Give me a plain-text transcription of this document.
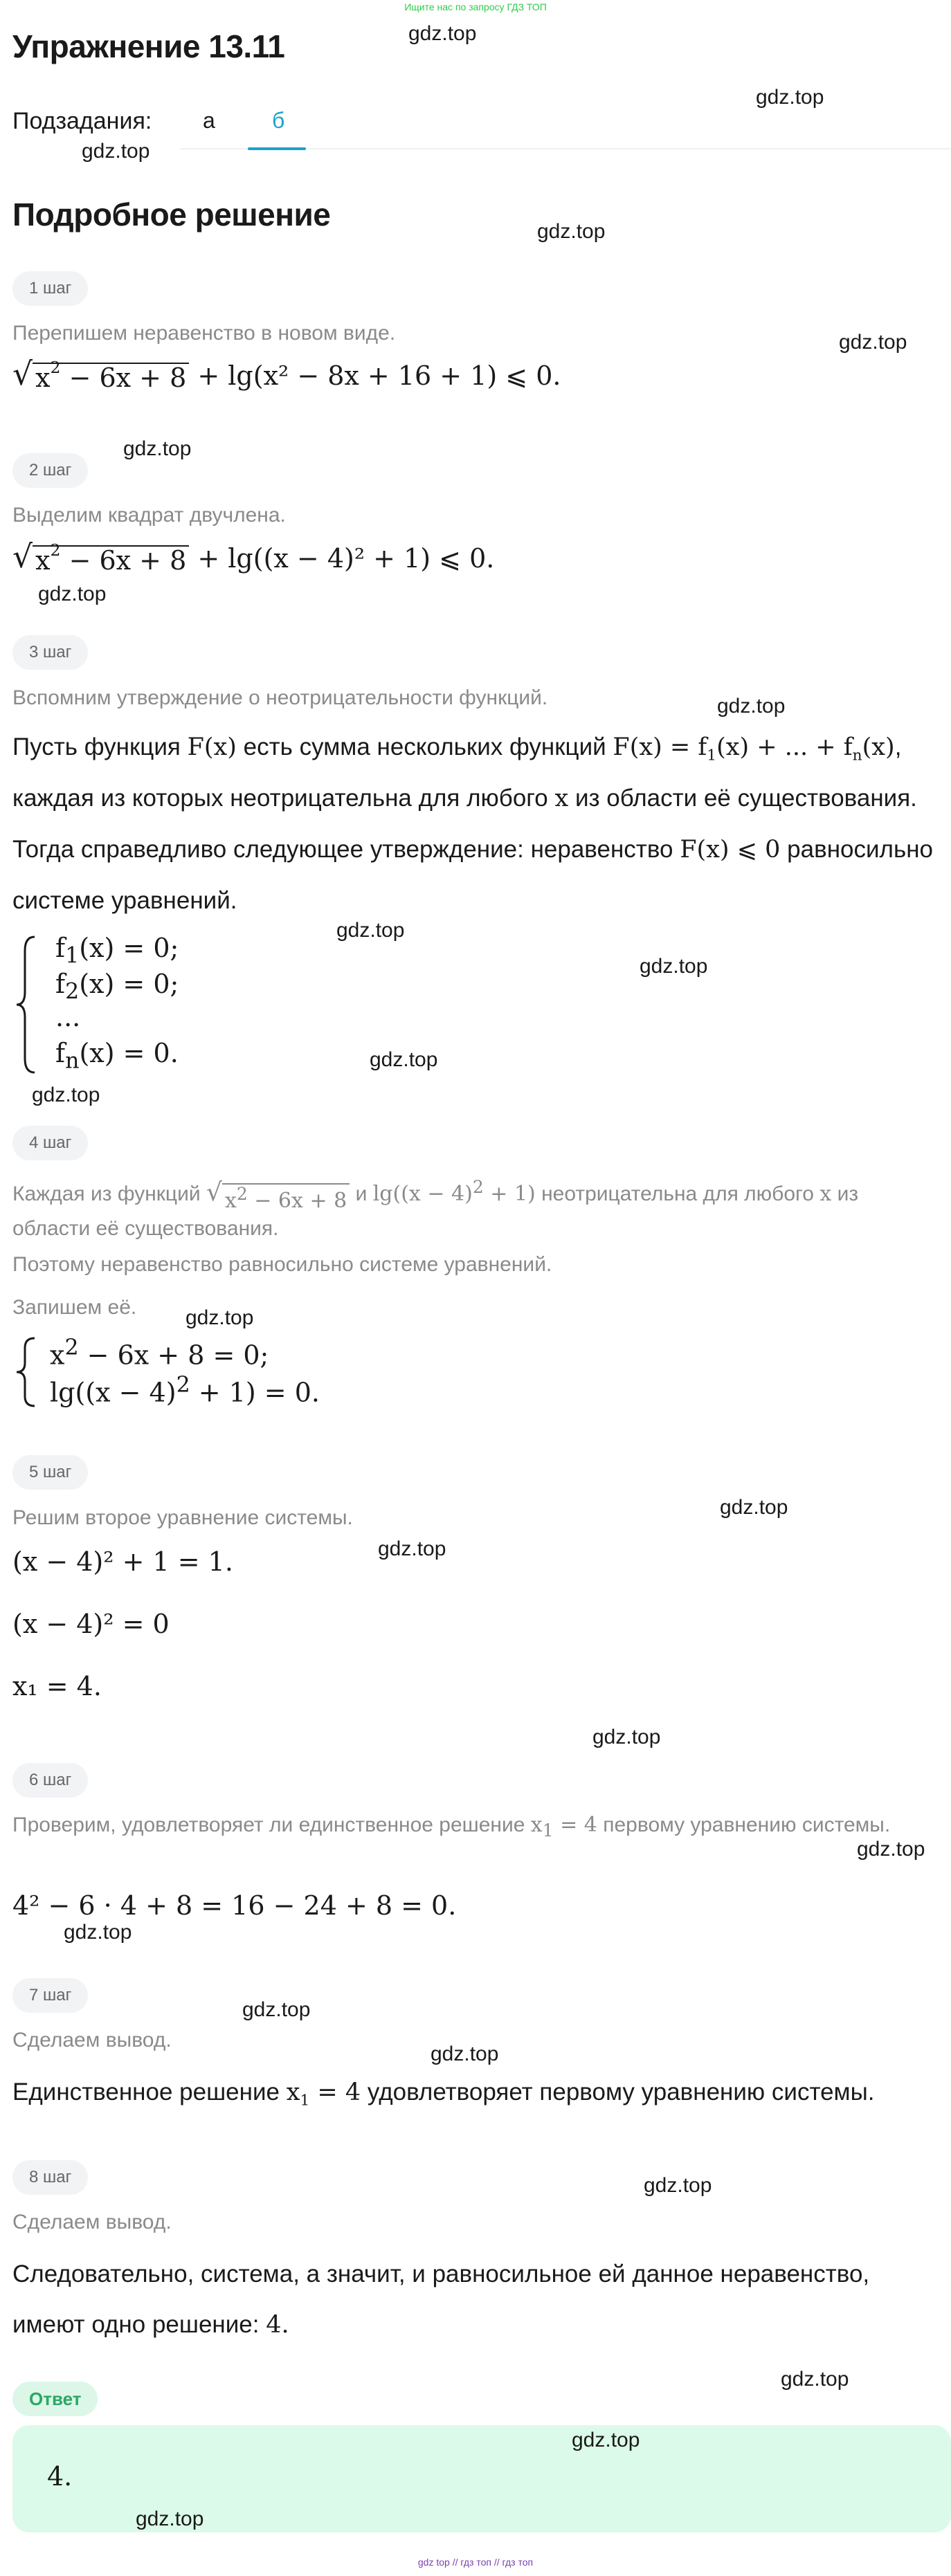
Ищите нас по запросу ГДЗ ТОП
Упражнение 13.11
Подзадания: а	б
Подробное решение
1 шаг
Перепишем неравенство в новом виде.
√ $x^2 - 6x + 8 + \lg(x^2 - 8x + 16 + 1)$ ⩽ 0.
2 шаг
Выделим квадрат двучлена.
√ $x^2 - 6x + 8 + \lg((x - 4)^2 + 1)$ ⩽ 0.
3 шаг
Вспомним утверждение о неотрицательности функций.
Пусть функция F(x) есть сумма нескольких функций $F(x) = f_1(x)$ + ... + $f_n(x)$, каждая из которых неотрицательна для любого x из области её существования. Тогда справедливо следующее утверждение: неравенство F(x) ⩽ 0 равносильно системе уравнений.
$f_1(x) = 0$;
$f_2(x) = 0$;
...
$f_n(x) = 0$.
4 шаг
Каждая из функций √ $x^2 - 6x + 8$ и $\lg((x - 4)^2 + 1)$ неотрицательна для любого x из области её существования.
Поэтому неравенство равносильно системе уравнений.
Запишем её.
$x^2 - 6x + 8 = 0$;
$\lg((x - 4)^2 + 1) = 0$.
5 шаг
Решим второе уравнение системы.
(x − 4)² + 1 = 1.
(x − 4)² = 0
x₁ = 4.
6 шаг
Проверим, удовлетворяет ли единственное решение $x_1 = 4$ первому уравнению системы.
4² − 6 · 4 + 8 = 16 − 24 + 8 = 0.
7 шаг
Сделаем вывод.
Единственное решение $x_1 = 4$ удовлетворяет первому уравнению системы.
8 шаг
Сделаем вывод.
Следовательно, система, а значит, и равносильное ей данное неравенство, имеют одно решение: 4.
Ответ
4.
gdz.top
gdz.top
gdz.top
gdz.top
gdz.top
gdz.top
gdz.top
gdz.top
gdz.top
gdz.top
gdz.top
gdz.top
gdz.top
gdz.top
gdz.top
gdz.top
gdz.top
gdz.top
gdz.top
gdz.top
gdz.top
gdz.top
gdz.top
gdz.top
gdz top // гдз топ // гдз топ
